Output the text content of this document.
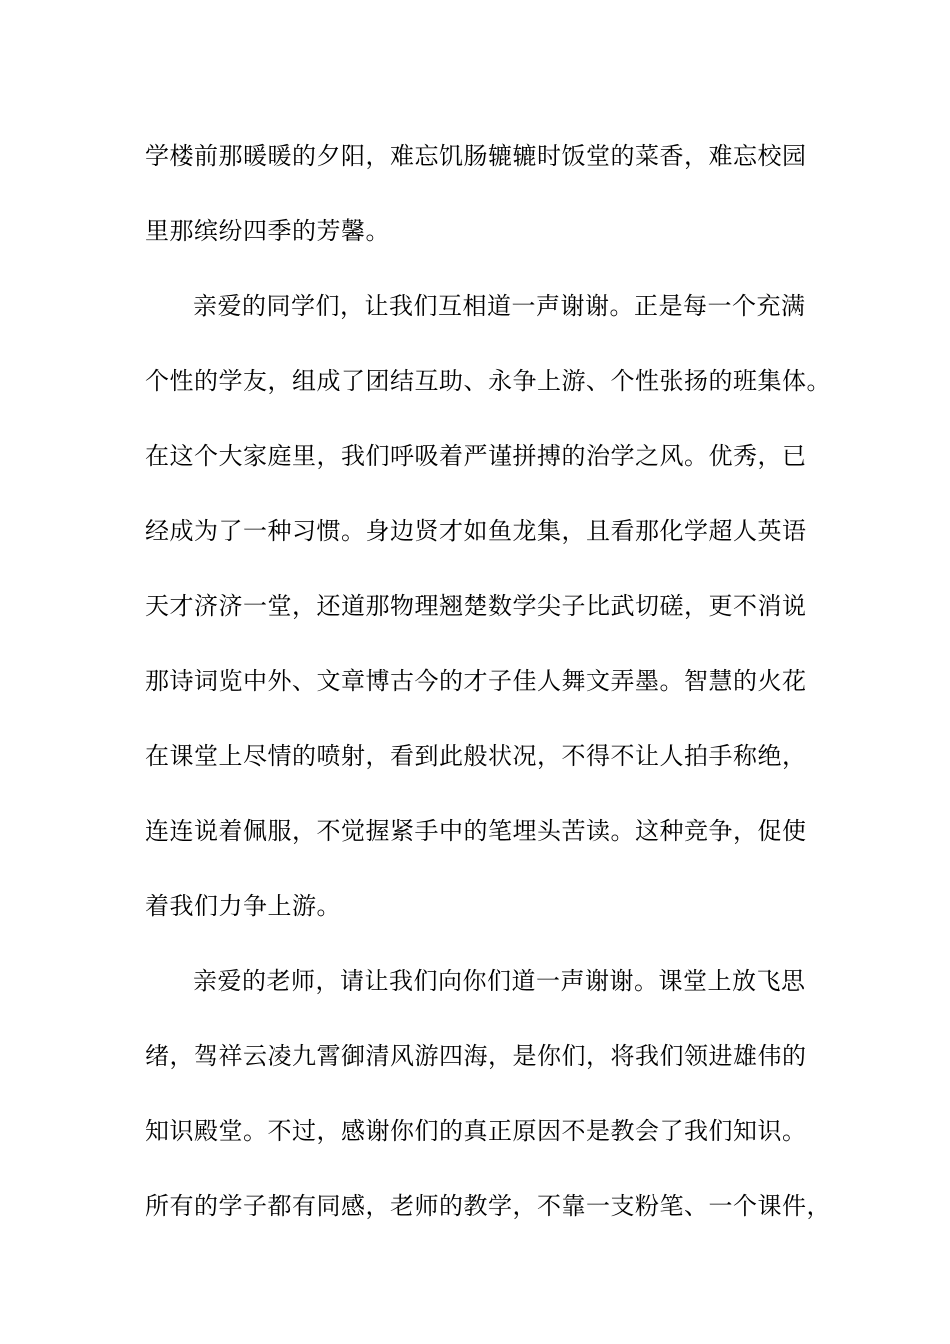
学楼前那暖暖的夕阳，难忘饥肠辘辘时饭堂的菜香，难忘校园
里那缤纷四季的芳馨。
亲爱的同学们，让我们互相道一声谢谢。正是每一个充满
个性的学友，组成了团结互助、永争上游、个性张扬的班集体。
在这个大家庭里，我们呼吸着严谨拼搏的治学之风。优秀，已
经成为了一种习惯。身边贤才如鱼龙集，且看那化学超人英语
天才济济一堂，还道那物理翘楚数学尖子比武切磋，更不消说
那诗词览中外、文章博古今的才子佳人舞文弄墨。智慧的火花
在课堂上尽情的喷射，看到此般状况，不得不让人拍手称绝，
连连说着佩服，不觉握紧手中的笔埋头苦读。这种竞争，促使
着我们力争上游。
亲爱的老师，请让我们向你们道一声谢谢。课堂上放飞思
绪，驾祥云凌九霄御清风游四海，是你们，将我们领进雄伟的
知识殿堂。不过，感谢你们的真正原因不是教会了我们知识。
所有的学子都有同感，老师的教学，不靠一支粉笔、一个课件，
